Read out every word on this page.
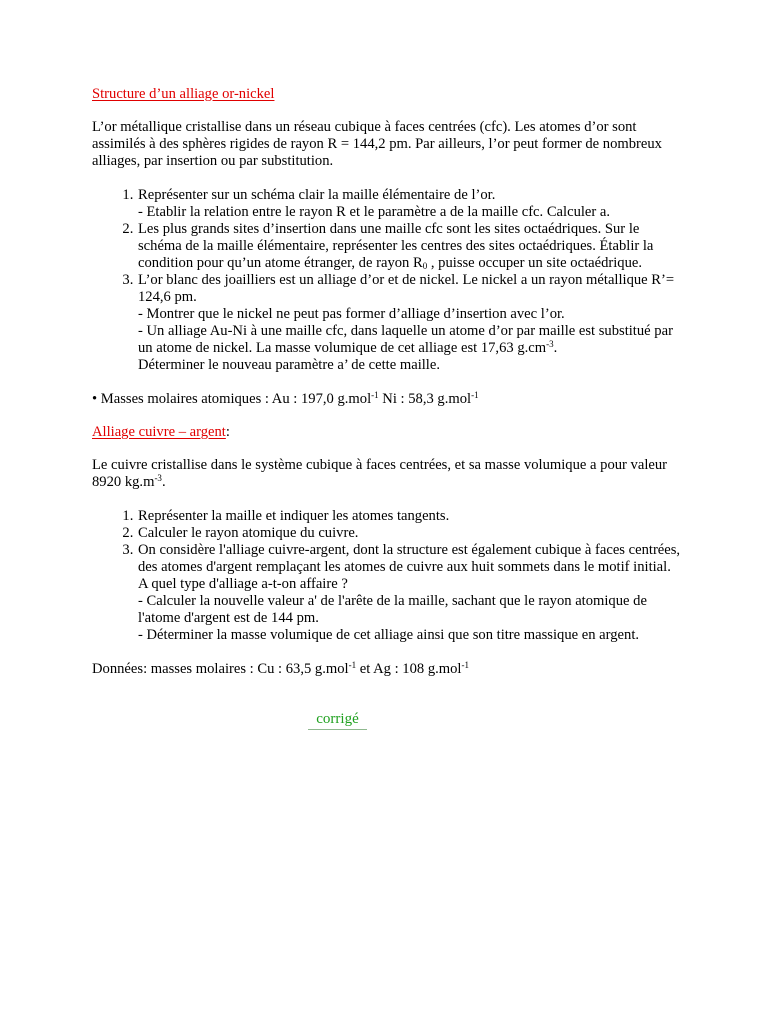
Structure d’un alliage or-nickel

L’or métallique cristallise dans un réseau cubique à faces centrées (cfc). Les atomes d’or sont assimilés à des sphères rigides de rayon R = 144,2 pm. Par ailleurs, l’or peut former de nombreux alliages, par insertion ou par substitution.

1. Représenter sur un schéma clair la maille élémentaire de l’or.
- Etablir la relation entre le rayon R et le paramètre a de la maille cfc. Calculer a.
2. Les plus grands sites d’insertion dans une maille cfc sont les sites octaédriques. Sur le schéma de la maille élémentaire, représenter les centres des sites octaédriques. Établir la condition pour qu’un atome étranger, de rayon $R_0$ , puisse occuper un site octaédrique.
3. L’or blanc des joailliers est un alliage d’or et de nickel. Le nickel a un rayon métallique R’= 124,6 pm.
- Montrer que le nickel ne peut pas former d’alliage d’insertion avec l’or.
- Un alliage Au-Ni à une maille cfc, dans laquelle un atome d’or par maille est substitué par un atome de nickel. La masse volumique de cet alliage est 17,63 $g.cm^{-3}$.
Déterminer le nouveau paramètre a’ de cette maille.

• Masses molaires atomiques : Au : 197,0 g.mol$^{-1}$ Ni : 58,3 g.mol$^{-1}$

Alliage cuivre – argent:

Le cuivre cristallise dans le système cubique à faces centrées, et sa masse volumique a pour valeur 8920 $kg.m^{-3}$.

1. Représenter la maille et indiquer les atomes tangents.
2. Calculer le rayon atomique du cuivre.
3. On considère l'alliage cuivre-argent, dont la structure est également cubique à faces centrées, des atomes d'argent remplaçant les atomes de cuivre aux huit sommets dans le motif initial. A quel type d'alliage a-t-on affaire ?
- Calculer la nouvelle valeur a' de l'arête de la maille, sachant que le rayon atomique de l'atome d'argent est de 144 pm.
- Déterminer la masse volumique de cet alliage ainsi que son titre massique en argent.

Données: masses molaires : Cu : 63,5 g.mol$^{-1}$ et Ag : 108 g.mol$^{-1}$

corrigé
